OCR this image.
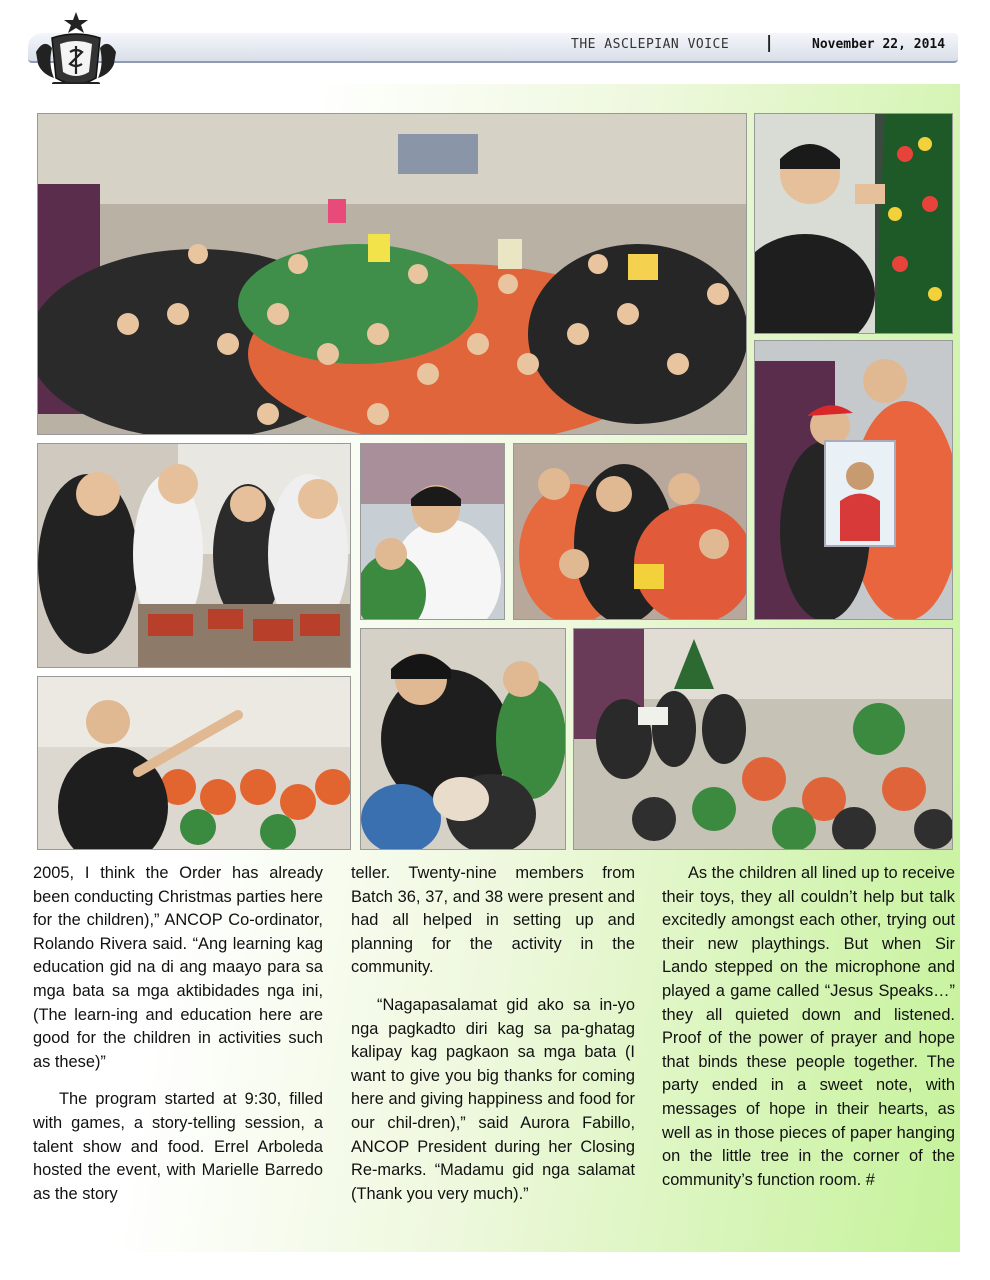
THE ASCLEPIAN VOICE |	November 22, 2014

2005, I think the Order has already been conducting Christmas parties here for the children),” ANCOP Co-ordinator, Rolando Rivera said. “Ang learning kag education gid na di ang maayo para sa mga bata sa mga aktibidades nga ini, (The learn-ing and education here are good for the children in activities such as these)”

The program started at 9:30, filled with games, a story-telling session, a talent show and food. Errel Arboleda hosted the event, with Marielle Barredo as the story

teller. Twenty-nine members from Batch 36, 37, and 38 were present and had all helped in setting up and planning for the activity in the community.

“Nagapasalamat gid ako sa in-yo nga pagkadto diri kag sa pa-ghatag kalipay kag pagkaon sa mga bata (I want to give you big thanks for coming here and giving happiness and food for our chil-dren),” said Aurora Fabillo, ANCOP President during her Closing Re-marks. “Madamu gid nga salamat (Thank you very much).”

As the children all lined up to receive their toys, they all couldn’t help but talk excitedly amongst each other, trying out their new playthings. But when Sir Lando stepped on the microphone and played a game called “Jesus Speaks…” they all quieted down and listened. Proof of the power of prayer and hope that binds these people together. The party ended in a sweet note, with messages of hope in their hearts, as well as in those pieces of paper hanging on the little tree in the corner of the community’s function room. #
